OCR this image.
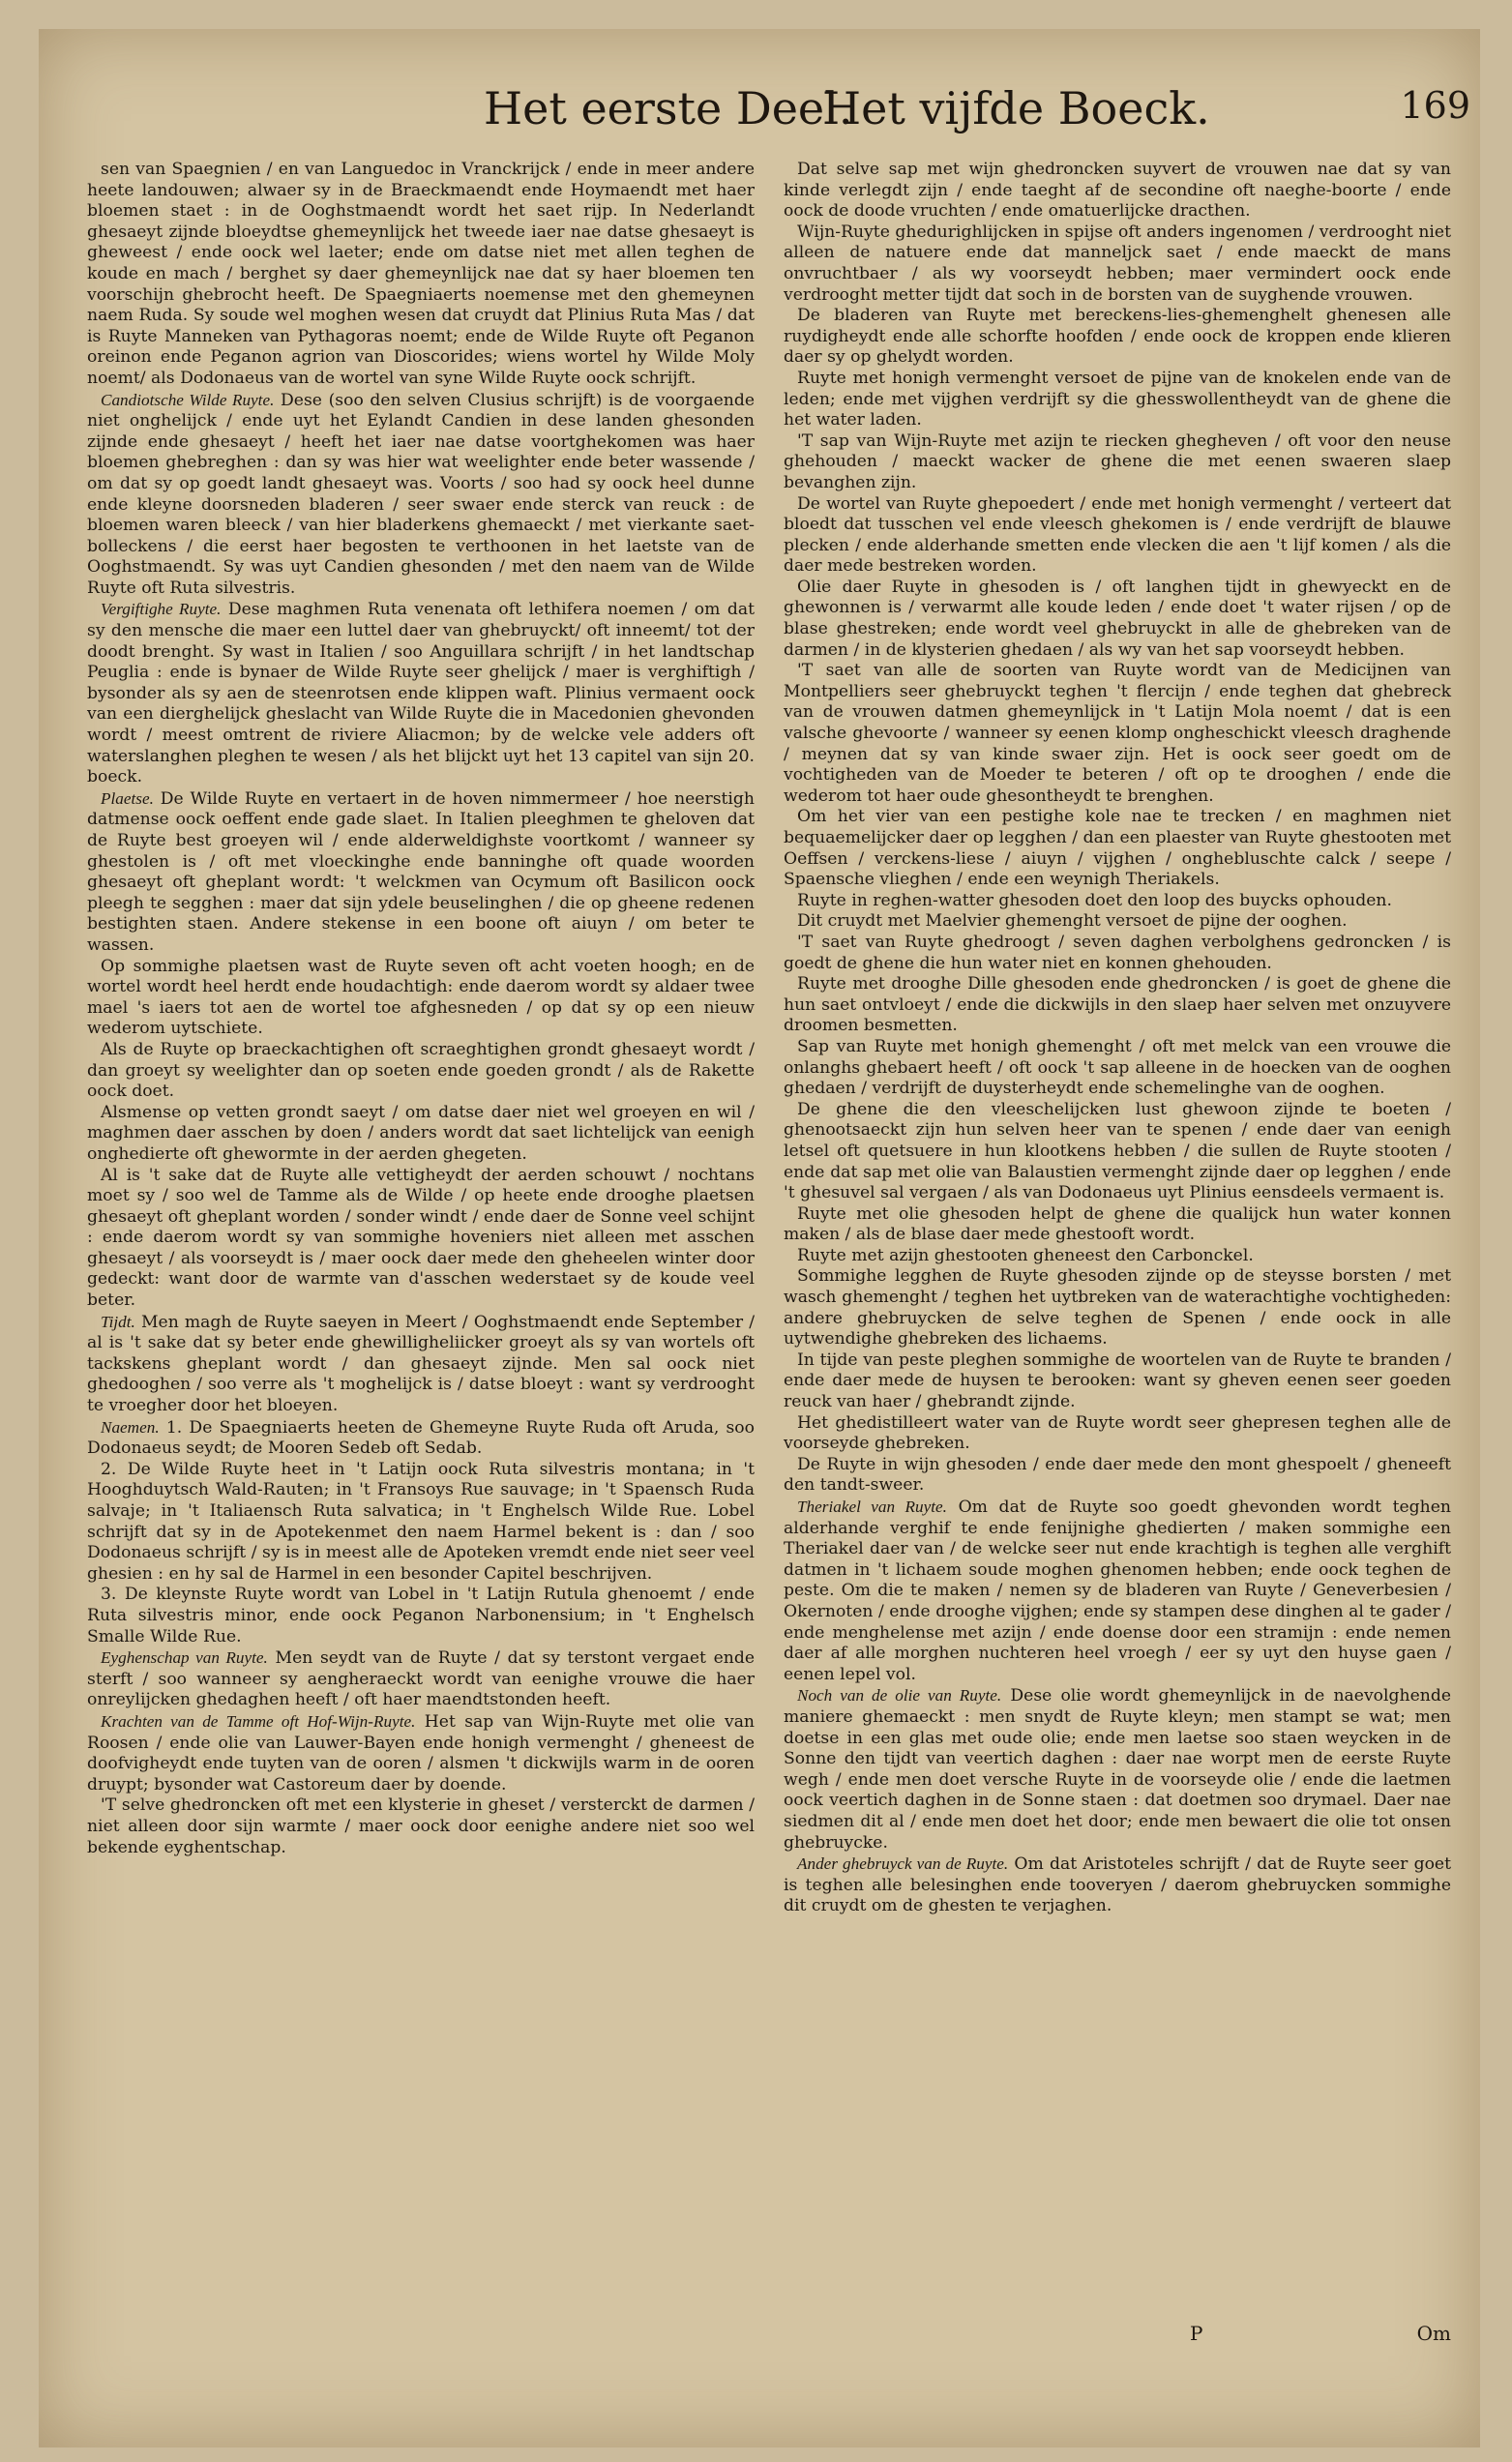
Het eerste Deel.
Het vijfde Boeck.	169

sen van Spaegnien / en van Languedoc in Vranckrijck / ende in meer andere heete landouwen; alwaer sy in de Braeckmaendt ende Hoymaendt met haer bloemen staet : in de Ooghstmaendt wordt het saet rijp. In Nederlandt ghesaeyt zijnde bloeydtse ghemeynlijck het tweede iaer nae datse ghesaeyt is gheweest / ende oock wel laeter; ende om datse niet met allen teghen de koude en mach / berghet sy daer ghemeynlijck nae dat sy haer bloemen ten voorschijn ghebrocht heeft. De Spaegniaerts noemense met den ghemeynen naem Ruda. Sy soude wel moghen wesen dat cruydt dat Plinius Ruta Mas / dat is Ruyte Manneken van Pythagoras noemt; ende de Wilde Ruyte oft Peganon oreinon ende Peganon agrion van Dioscorides; wiens wortel hy Wilde Moly noemt/ als Dodonaeus van de wortel van syne Wilde Ruyte oock schrijft.

Candiotsche Wilde Ruyte. Dese (soo den selven Clusius schrijft) is de voorgaende niet onghelijck / ende uyt het Eylandt Candien in dese landen ghesonden zijnde ende ghesaeyt / heeft het iaer nae datse voortghekomen was haer bloemen ghebreghen : dan sy was hier wat weelighter ende beter wassende / om dat sy op goedt landt ghesaeyt was. Voorts / soo had sy oock heel dunne ende kleyne doorsneden bladeren / seer swaer ende sterck van reuck : de bloemen waren bleeck / van hier bladerkens ghemaeckt / met vierkante saet-bolleckens / die eerst haer begosten te verthoonen in het laetste van de Ooghstmaendt. Sy was uyt Candien ghesonden / met den naem van de Wilde Ruyte oft Ruta silvestris.

Vergiftighe Ruyte. Dese maghmen Ruta venenata oft lethifera noemen / om dat sy den mensche die maer een luttel daer van ghebruyckt/ oft inneemt/ tot der doodt brenght. Sy wast in Italien / soo Anguillara schrijft / in het landtschap Peuglia : ende is bynaer de Wilde Ruyte seer ghelijck / maer is verghiftigh / bysonder als sy aen de steenrotsen ende klippen waft. Plinius vermaent oock van een dierghelijck gheslacht van Wilde Ruyte die in Macedonien ghevonden wordt / meest omtrent de riviere Aliacmon; by de welcke vele adders oft waterslanghen pleghen te wesen / als het blijckt uyt het 13 capitel van sijn 20. boeck.

Plaetse. De Wilde Ruyte en vertaert in de hoven nimmermeer / hoe neerstigh datmense oock oeffent ende gade slaet. In Italien pleeghmen te gheloven dat de Ruyte best groeyen wil / ende alderweldighste voortkomt / wanneer sy ghestolen is / oft met vloeckinghe ende banninghe oft quade woorden ghesaeyt oft gheplant wordt: 't welckmen van Ocymum oft Basilicon oock pleegh te segghen : maer dat sijn ydele beuselinghen / die op gheene redenen bestighten staen. Andere stekense in een boone oft aiuyn / om beter te wassen.

Op sommighe plaetsen wast de Ruyte seven oft acht voeten hoogh; en de wortel wordt heel herdt ende houdachtigh: ende daerom wordt sy aldaer twee mael 's iaers tot aen de wortel toe afghesneden / op dat sy op een nieuw wederom uytschiete.

Als de Ruyte op braeckachtighen oft scraeghtighen grondt ghesaeyt wordt / dan groeyt sy weelighter dan op soeten ende goeden grondt / als de Rakette oock doet.

Alsmense op vetten grondt saeyt / om datse daer niet wel groeyen en wil / maghmen daer asschen by doen / anders wordt dat saet lichtelijck van eenigh onghedierte oft ghewormte in der aerden ghegeten.

Al is 't sake dat de Ruyte alle vettigheydt der aerden schouwt / nochtans moet sy / soo wel de Tamme als de Wilde / op heete ende drooghe plaetsen ghesaeyt oft gheplant worden / sonder windt / ende daer de Sonne veel schijnt : ende daerom wordt sy van sommighe hoveniers niet alleen met asschen ghesaeyt / als voorseydt is / maer oock daer mede den gheheelen winter door gedeckt: want door de warmte van d'asschen wederstaet sy de koude veel beter.

Tijdt. Men magh de Ruyte saeyen in Meert / Ooghstmaendt ende September / al is 't sake dat sy beter ende ghewilligheliicker groeyt als sy van wortels oft tackskens gheplant wordt / dan ghesaeyt zijnde. Men sal oock niet ghedooghen / soo verre als 't moghelijck is / datse bloeyt : want sy verdrooght te vroegher door het bloeyen.

Naemen. 1. De Spaegniaerts heeten de Ghemeyne Ruyte Ruda oft Aruda, soo Dodonaeus seydt; de Mooren Sedeb oft Sedab.

2. De Wilde Ruyte heet in 't Latijn oock Ruta silvestris montana; in 't Hooghduytsch Wald-Rauten; in 't Fransoys Rue sauvage; in 't Spaensch Ruda salvaje; in 't Italiaensch Ruta salvatica; in 't Enghelsch Wilde Rue. Lobel schrijft dat sy in de Apotekenmet den naem Harmel bekent is : dan / soo Dodonaeus schrijft / sy is in meest alle de Apoteken vremdt ende niet seer veel ghesien : en hy sal de Harmel in een besonder Capitel beschrijven.

3. De kleynste Ruyte wordt van Lobel in 't Latijn Rutula ghenoemt / ende Ruta silvestris minor, ende oock Peganon Narbonensium; in 't Enghelsch Smalle Wilde Rue.

Eyghenschap van Ruyte. Men seydt van de Ruyte / dat sy terstont vergaet ende sterft / soo wanneer sy aengheraeckt wordt van eenighe vrouwe die haer onreylijcken ghedaghen heeft / oft haer maendtstonden heeft.

Krachten van de Tamme oft Hof-Wijn-Ruyte. Het sap van Wijn-Ruyte met olie van Roosen / ende olie van Lauwer-Bayen ende honigh vermenght / gheneest de doofvigheydt ende tuyten van de ooren / alsmen 't dickwijls warm in de ooren druypt; bysonder wat Castoreum daer by doende.

'T selve ghedroncken oft met een klysterie in gheset / versterckt de darmen / niet alleen door sijn warmte / maer oock door eenighe andere niet soo wel bekende eyghentschap.

Dat selve sap met wijn ghedroncken suyvert de vrouwen nae dat sy van kinde verlegdt zijn / ende taeght af de secondine oft naeghe-boorte / ende oock de doode vruchten / ende omatuerlijcke dracthen.

Wijn-Ruyte ghedurighlijcken in spijse oft anders ingenomen / verdrooght niet alleen de natuere ende dat manneljck saet / ende maeckt de mans onvruchtbaer / als wy voorseydt hebben; maer vermindert oock ende verdrooght metter tijdt dat soch in de borsten van de suyghende vrouwen.

De bladeren van Ruyte met bereckens-lies-ghemenghelt ghenesen alle ruydigheydt ende alle schorfte hoofden / ende oock de kroppen ende klieren daer sy op ghelydt worden.

Ruyte met honigh vermenght versoet de pijne van de knokelen ende van de leden; ende met vijghen verdrijft sy die ghesswollentheydt van de ghene die het water laden.

'T sap van Wijn-Ruyte met azijn te riecken ghegheven / oft voor den neuse ghehouden / maeckt wacker de ghene die met eenen swaeren slaep bevanghen zijn.

De wortel van Ruyte ghepoedert / ende met honigh vermenght / verteert dat bloedt dat tusschen vel ende vleesch ghekomen is / ende verdrijft de blauwe plecken / ende alderhande smetten ende vlecken die aen 't lijf komen / als die daer mede bestreken worden.

Olie daer Ruyte in ghesoden is / oft langhen tijdt in ghewyeckt en de ghewonnen is / verwarmt alle koude leden / ende doet 't water rijsen / op de blase ghestreken; ende wordt veel ghebruyckt in alle de ghebreken van de darmen / in de klysterien ghedaen / als wy van het sap voorseydt hebben.

'T saet van alle de soorten van Ruyte wordt van de Medicijnen van Montpelliers seer ghebruyckt teghen 't flercijn / ende teghen dat ghebreck van de vrouwen datmen ghemeynlijck in 't Latijn Mola noemt / dat is een valsche ghevoorte / wanneer sy eenen klomp ongheschickt vleesch draghende / meynen dat sy van kinde swaer zijn. Het is oock seer goedt om de vochtigheden van de Moeder te beteren / oft op te drooghen / ende die wederom tot haer oude ghesontheydt te brenghen.

Om het vier van een pestighe kole nae te trecken / en maghmen niet bequaemelijcker daer op legghen / dan een plaester van Ruyte ghestooten met Oeffsen / verckens-liese / aiuyn / vijghen / onghebluschte calck / seepe / Spaensche vlieghen / ende een weynigh Theriakels.

Ruyte in reghen-watter ghesoden doet den loop des buycks ophouden.

Dit cruydt met Maelvier ghemenght versoet de pijne der ooghen.

'T saet van Ruyte ghedroogt / seven daghen verbolghens gedroncken / is goedt de ghene die hun water niet en konnen ghehouden.

Ruyte met drooghe Dille ghesoden ende ghedroncken / is goet de ghene die hun saet ontvloeyt / ende die dickwijls in den slaep haer selven met onzuyvere droomen besmetten.

Sap van Ruyte met honigh ghemenght / oft met melck van een vrouwe die onlanghs ghebaert heeft / oft oock 't sap alleene in de hoecken van de ooghen ghedaen / verdrijft de duysterheydt ende schemelinghe van de ooghen.

De ghene die den vleeschelijcken lust ghewoon zijnde te boeten / ghenootsaeckt zijn hun selven heer van te spenen / ende daer van eenigh letsel oft quetsuere in hun klootkens hebben / die sullen de Ruyte stooten / ende dat sap met olie van Balaustien vermenght zijnde daer op legghen / ende 't ghesuvel sal vergaen / als van Dodonaeus uyt Plinius eensdeels vermaent is.

Ruyte met olie ghesoden helpt de ghene die qualijck hun water konnen maken / als de blase daer mede ghestooft wordt.

Ruyte met azijn ghestooten gheneest den Carbonckel.

Sommighe legghen de Ruyte ghesoden zijnde op de steysse borsten / met wasch ghemenght / teghen het uytbreken van de waterachtighe vochtigheden: andere ghebruycken de selve teghen de Spenen / ende oock in alle uytwendighe ghebreken des lichaems.

In tijde van peste pleghen sommighe de woortelen van de Ruyte te branden / ende daer mede de huysen te berooken: want sy gheven eenen seer goeden reuck van haer / ghebrandt zijnde.

Het ghedistilleert water van de Ruyte wordt seer ghepresen teghen alle de voorseyde ghebreken.

De Ruyte in wijn ghesoden / ende daer mede den mont ghespoelt / gheneeft den tandt-sweer.

Theriakel van Ruyte. Om dat de Ruyte soo goedt ghevonden wordt teghen alderhande verghif te ende fenijnighe ghedierten / maken sommighe een Theriakel daer van / de welcke seer nut ende krachtigh is teghen alle verghift datmen in 't lichaem soude moghen ghenomen hebben; ende oock teghen de peste. Om die te maken / nemen sy de bladeren van Ruyte / Geneverbesien / Okernoten / ende drooghe vijghen; ende sy stampen dese dinghen al te gader / ende menghelense met azijn / ende doense door een stramijn : ende nemen daer af alle morghen nuchteren heel vroegh / eer sy uyt den huyse gaen / eenen lepel vol.

Noch van de olie van Ruyte. Dese olie wordt ghemeynlijck in de naevolghende maniere ghemaeckt : men snydt de Ruyte kleyn; men stampt se wat; men doetse in een glas met oude olie; ende men laetse soo staen weycken in de Sonne den tijdt van veertich daghen : daer nae worpt men de eerste Ruyte wegh / ende men doet versche Ruyte in de voorseyde olie / ende die laetmen oock veertich daghen in de Sonne staen : dat doetmen soo drymael. Daer nae siedmen dit al / ende men doet het door; ende men bewaert die olie tot onsen ghebruycke.

Ander ghebruyck van de Ruyte. Om dat Aristoteles schrijft / dat de Ruyte seer goet is teghen alle belesinghen ende tooveryen / daerom ghebruycken sommighe dit cruydt om de ghesten te verjaghen.

P	Om
